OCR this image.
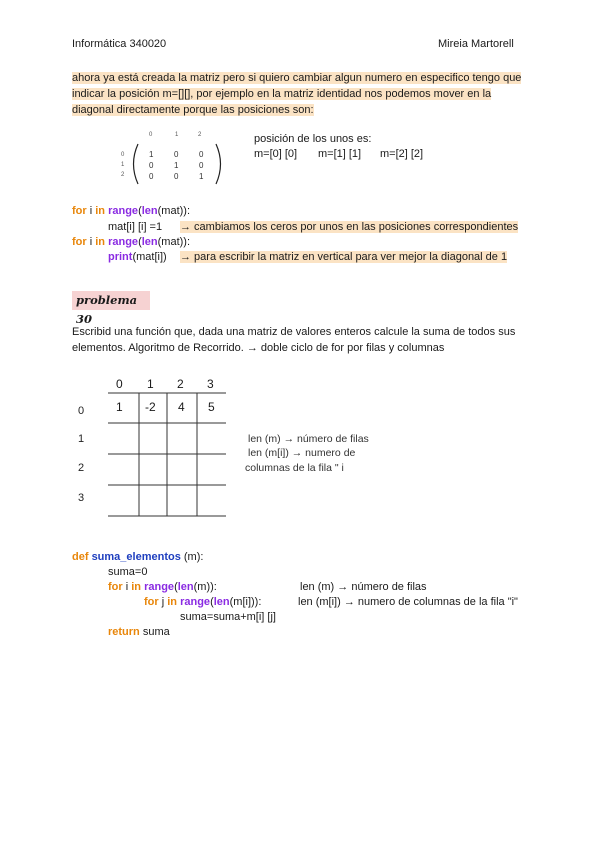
Informática 340020	Mireia Martorell
ahora ya está creada la matriz pero si quiero cambiar algun numero en especifico tengo que
indicar la posición m=[][], por ejemplo en la matriz identidad nos podemos mover en la
diagonal directamente porque las posiciones son:
0	1	2
0
1
2
1	0	0
0	1	0
0	0	1
posición de los unos es:
m=[0] [0] m=[1] [1] m=[2] [2]
for i in range(len(mat)):
mat[i] [i] =1 → cambiamos los ceros por unos en las posiciones correspondientes
for i in range(len(mat)):
print(mat[i]) → para escribir la matriz en vertical para ver mejor la diagonal de 1
problema 30
Escribid una función que, dada una matriz de valores enteros calcule la suma de todos sus
elementos. Algoritmo de Recorrido. → doble ciclo de for por filas y columnas
0 1 2 3
1 -2 4 5
0
1
2
3
len (m) → número de filas
len (m[i]) → numero de
columnas de la fila " i
def suma_elementos (m):
suma=0
for i in range(len(m)):	len (m) → número de filas
for j in range(len(m[i])):	len (m[i]) → numero de columnas de la fila "i"
suma=suma+m[i] [j]
return suma
